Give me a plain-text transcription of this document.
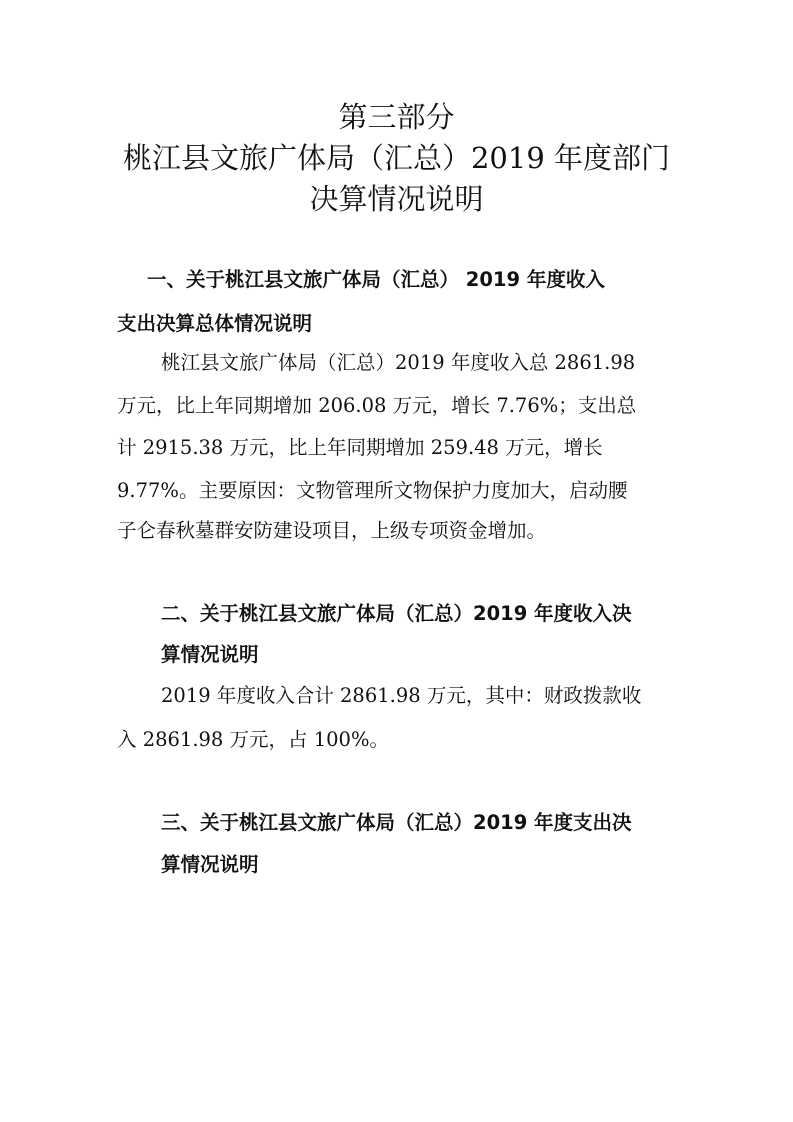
第三部分
桃江县文旅广体局（汇总）2019 年度部门
决算情况说明
一、关于桃江县文旅广体局（汇总） 2019 年度收入
支出决算总体情况说明
桃江县文旅广体局（汇总）2019 年度收入总 2861.98
万元，比上年同期增加 206.08 万元，增长 7.76%；支出总
计 2915.38 万元，比上年同期增加 259.48 万元，增长
9.77%。主要原因：文物管理所文物保护力度加大，启动腰
子仑春秋墓群安防建设项目，上级专项资金增加。
二、关于桃江县文旅广体局（汇总）2019 年度收入决
算情况说明
2019 年度收入合计 2861.98 万元，其中：财政拨款收
入 2861.98 万元，占 100%。
三、关于桃江县文旅广体局（汇总）2019 年度支出决
算情况说明
